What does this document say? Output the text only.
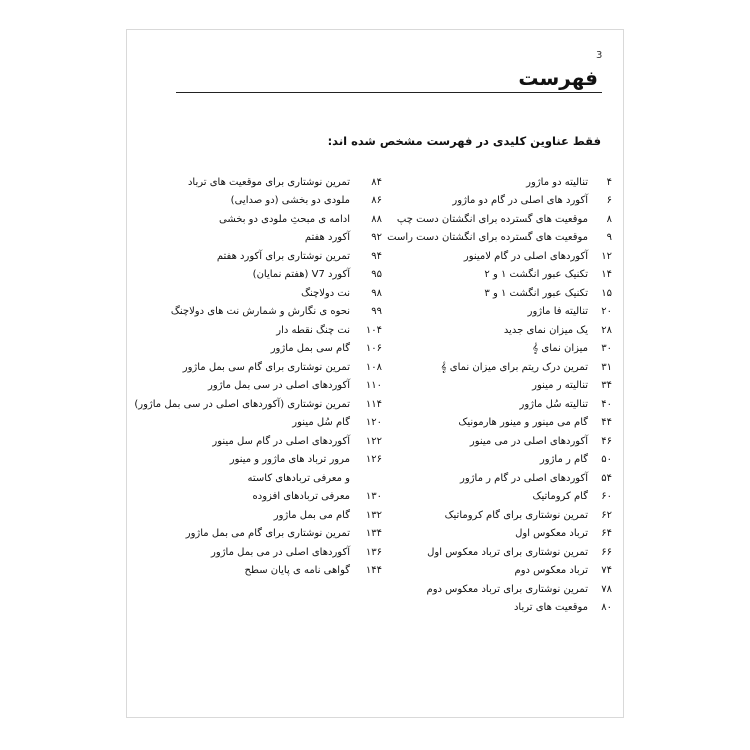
3
فهرست
فقط عناوین کلیدی در فهرست مشخص شده اند:
۴
تنالیته دو ماژور
۶
آکورد های اصلی در گام دو ماژور
۸
موقعیت های گسترده برای انگشتان دست چپ
۹
موقعیت های گسترده برای انگشتان دست راست
۱۲
آکوردهای اصلی در گام لامینور
۱۴
تکنیک عبور انگشت ۱ و ۲
۱۵
تکنیک عبور انگشت ۱ و ۳
۲۰
تنالیته فا ماژور
۲۸
یک میزان نمای جدید
۳۰
میزان نمای 𝄞
۳۱
تمرین درک ریتم برای میزان نمای 𝄞
۳۴
تنالیته ر مینور
۴۰
تنالیته سُل ماژور
۴۴
گام می مینور و مینور هارمونیک
۴۶
آکوردهای اصلی در می مینور
۵۰
گام ر ماژور
۵۴
آکوردهای اصلی در گام ر ماژور
۶۰
گام کروماتیک
۶۲
تمرین نوشتاری برای گام کروماتیک
۶۴
ترباد معکوس اول
۶۶
تمرین نوشتاری برای ترباد معکوس اول
۷۴
ترباد معکوس دوم
۷۸
تمرین نوشتاری برای ترباد معکوس دوم
۸۰
موقعیت های ترباد
۸۴
تمرین نوشتاری برای موقعیت های ترباد
۸۶
ملودی دو بخشی (دو صدایی)
۸۸
ادامه ی مبحثِ ملودی دو بخشی
۹۲
آکورد هفتم
۹۴
تمرین نوشتاری برای آکورد هفتم
۹۵
آکورد V7 (هفتم نمایان)
۹۸
نت دولاچنگ
۹۹
نحوه ی نگارش و شمارش نت های دولاچنگ
۱۰۴
نت چنگ نقطه دار
۱۰۶
گام سی بمل ماژور
۱۰۸
تمرین نوشتاری برای گام سی بمل ماژور
۱۱۰
آکوردهای اصلی در سی بمل ماژور
۱۱۴
تمرین نوشتاری (آکوردهای اصلی در سی بمل ماژور)
۱۲۰
گام سُل مینور
۱۲۲
آکوردهای اصلی در گام سل مینور
۱۲۶
مرور ترباد های ماژور و مینور
و معرفی تربادهای کاسته
۱۳۰
معرفی تربادهای افزوده
۱۳۲
گام می بمل ماژور
۱۳۴
تمرین نوشتاری برای گام می بمل ماژور
۱۳۶
آکوردهای اصلی در می بمل ماژور
۱۴۴
گواهی نامه ی پایان سطح
